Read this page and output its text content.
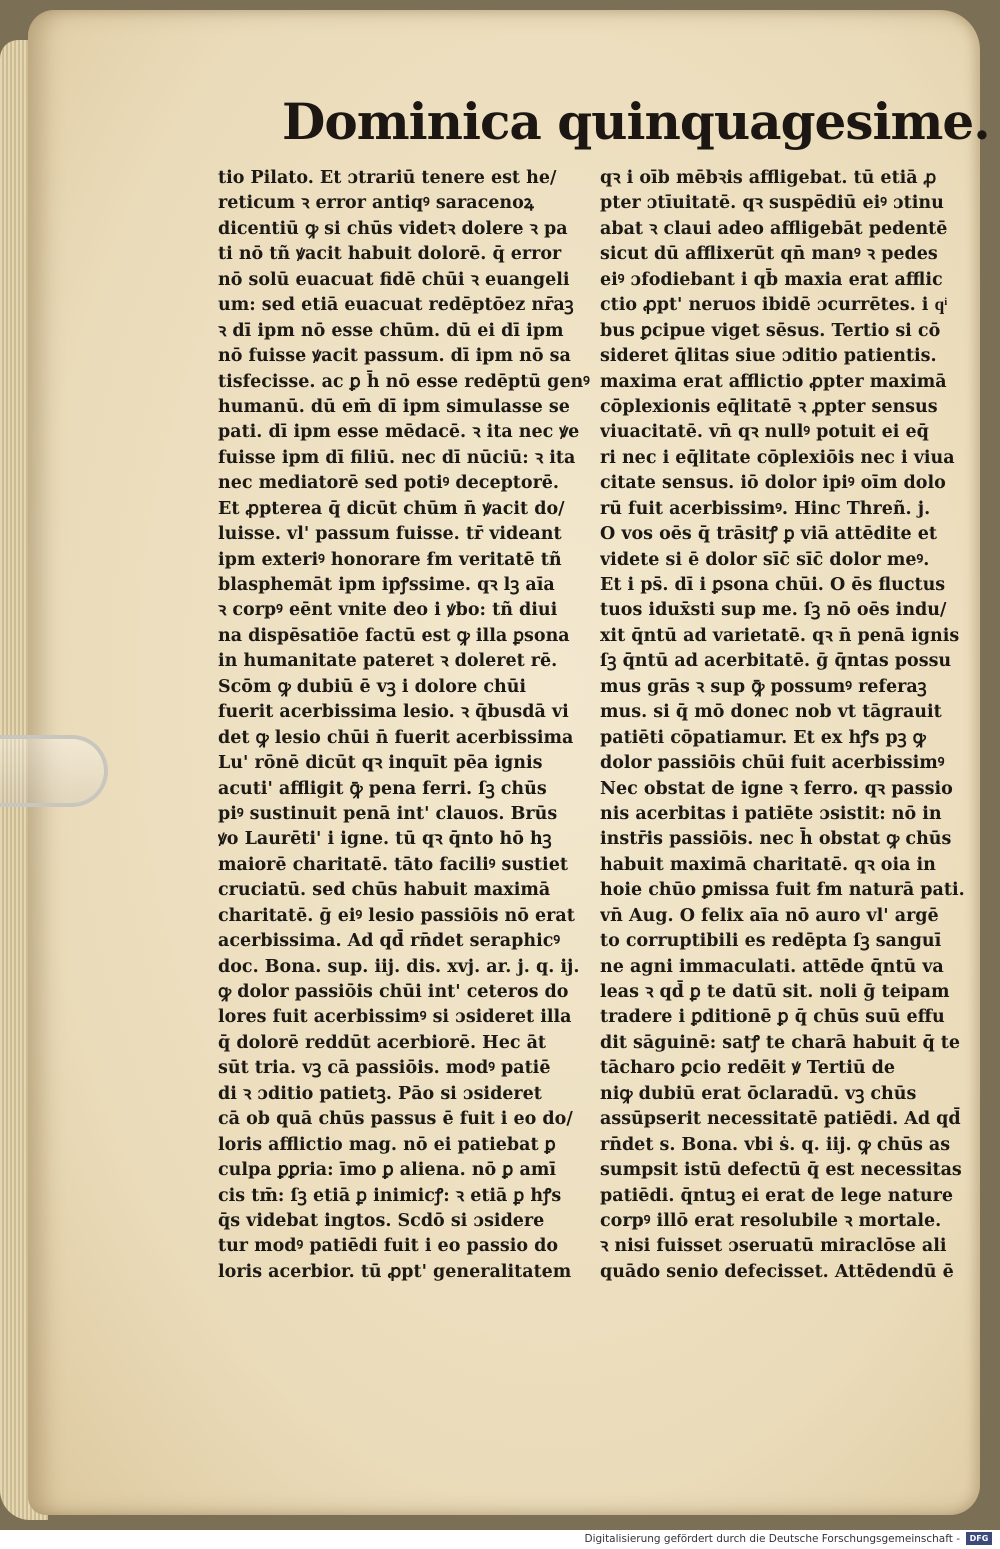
Dominica quinquagesime.
tio Pilato. Et ɔtrariū tenere est he/
reticum ꝛ error antiqꝰ saracenoꝝ
dicentiū ꝙ si chūs videtꝛ dolere ꝛ pa
ti nō tñ ꝟacit habuit dolorē. q̄ error
nō solū euacuat fidē chūi ꝛ euangeli
um: sed etiā euacuat redēptōez nr̄aꝫ
ꝛ dī ipm nō esse chūm. dū ei dī ipm
nō fuisse ꝟacit passum. dī ipm nō sa
tisfecisse. ac ꝑ h̄ nō esse redēptū genꝰ
humanū. dū em̄ dī ipm simulasse se
pati. dī ipm esse mēdacē. ꝛ ita nec ꝟe
fuisse ipm dī filiū. nec dī nūciū: ꝛ ita
nec mediatorē sed potiꝰ deceptorē.
Et ꝓpterea q̄ dicūt chūm n̄ ꝟacit do/
luisse. vl' passum fuisse. tr̄ videant
ipm exteriꝰ honorare ẜm veritatē tñ
blasphemāt ipm ipꝭssime. qꝛ lꝫ aīa
ꝛ corpꝰ eēnt vnite deo i ꝟbo: tñ diui
na dispēsatiōe factū est ꝙ illa ꝑsona
in humanitate pateret ꝛ doleret rē.
Scōm ꝙ dubiū ē vꝫ i dolore chūi
fuerit acerbissima lesio. ꝛ q̄busdā vi
det ꝙ lesio chūi n̄ fuerit acerbissima
Lu' rōnē dicūt qꝛ inquīt pēa ignis
acuti' affligit ꝙ̄ pena ferri. ſꝫ chūs
piꝰ sustinuit penā int' clauos. Brūs
ꝟo Laurēti' i igne. tū qꝛ q̄nto hō hꝫ
maiorē charitatē. tāto faciliꝰ sustiet
cruciatū. sed chūs habuit maximā
charitatē. ḡ eiꝰ lesio passiōis nō erat
acerbissima. Ad qd̄ rn̄det seraphicꝰ
doc. Bona. sup. iij. dis. xvj. ar. j. q. ij.
ꝙ dolor passiōis chūi int' ceteros do
lores fuit acerbissimꝰ si ɔsideret illa
q̄ dolorē reddūt acerbiorē. Hec āt
sūt tria. vꝫ cā passiōis. modꝰ patiē
di ꝛ ɔditio patietꝫ. Pāo si ɔsideret
cā ob quā chūs passus ē fuit i eo do/
loris afflictio mag. nō ei patiebat ꝑ
culpa ꝑꝑria: īmo ꝑ aliena. nō ꝑ amī
cis tm̄: ſꝫ etiā ꝑ inimicꝭ: ꝛ etiā ꝑ hꝭs
q̄s videbat ingtos. Scdō si ɔsidere
tur modꝰ patiēdi fuit i eo passio do
loris acerbior. tū ꝓpt' generalitatem
qꝛ i oīb mēbꝛis affligebat. tū etiā ꝓ
pter ɔtīuitatē. qꝛ suspēdiū eiꝰ ɔtinu
abat ꝛ claui adeo affligebāt pedentē
sicut dū afflixerūt qn̄ manꝰ ꝛ pedes
eiꝰ ɔfodiebant i qb̄ maxia erat afflic
ctio ꝓpt' neruos ibidē ɔcurrētes. i qͥ
bus ꝑcipue viget sēsus. Tertio si cō
sideret q̄litas siue ɔditio patientis.
maxima erat afflictio ꝓpter maximā
cōplexionis eq̄litatē ꝛ ꝓpter sensus
viuacitatē. vn̄ qꝛ nullꝰ potuit ei eq̄
ri nec i eq̄litate cōplexiōis nec i viua
citate sensus. iō dolor ipiꝰ oīm dolo
rū fuit acerbissimꝰ. Hinc Threñ. j.
O vos oēs q̄ trāsitꝭ ꝑ viā attēdite et
videte si ē dolor sīc̄ sīc̄ dolor meꝰ.
Et i ps̄. dī i ꝑsona chūi. O ēs fluctus
tuos idux̄sti sup me. ſꝫ nō oēs indu/
xit q̄ntū ad varietatē. qꝛ n̄ penā ignis
ſꝫ q̄ntū ad acerbitatē. ḡ q̄ntas possu
mus grās ꝛ sup ꝙ̄ possumꝰ referaꝫ
mus. si q̄ mō donec nob vt tāgrauit
patiēti cōpatiamur. Et ex hꝭs pꝫ ꝙ
dolor passiōis chūi fuit acerbissimꝰ
Nec obstat de igne ꝛ ferro. qꝛ passio
nis acerbitas i patiēte ɔsistit: nō in
instr̄is passiōis. nec h̄ obstat ꝙ chūs
habuit maximā charitatē. qꝛ oia in
hoie chūo ꝑmissa fuit ẜm naturā pati.
vn̄ Aug. O felix aīa nō auro vl' argē
to corruptibili es redēpta ſꝫ sanguī
ne agni immaculati. attēde q̄ntū va
leas ꝛ qd̄ ꝑ te datū sit. noli ḡ teipam
tradere i ꝑditionē ꝑ q̄ chūs suū effu
dit sāguinē: satꝭ te charā habuit q̄ te
tācharo ꝑcio redēit ꝟ Tertiū de
niꝙ dubiū erat ōclaradū. vꝫ chūs
assūpserit necessitatē patiēdi. Ad qd̄
rn̄det s. Bona. vbi ṡ. q. iij. ꝙ chūs as
sumpsit istū defectū q̄ est necessitas
patiēdi. q̄ntuꝫ ei erat de lege nature
corpꝰ illō erat resolubile ꝛ mortale.
ꝛ nisi fuisset ɔseruatū miraclōse ali
quādo senio defecisset. Attēdendū ē
Digitalisierung gefördert durch die Deutsche Forschungsgemeinschaft -	DFG
